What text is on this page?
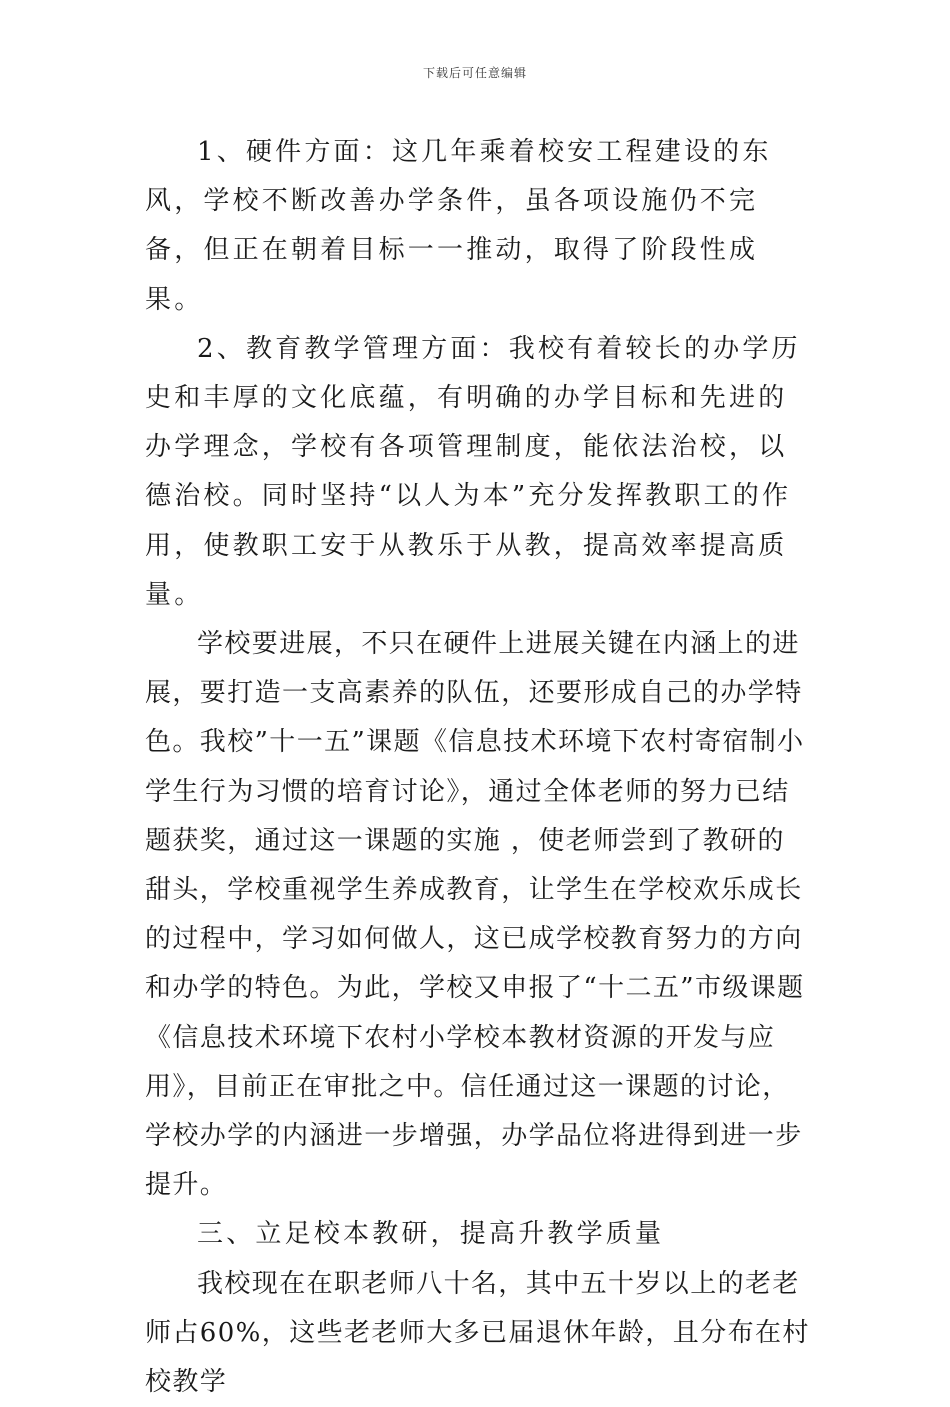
下载后可任意编辑

1、硬件方面：这几年乘着校安工程建设的东风，学校不断改善办学条件，虽各项设施仍不完备，但正在朝着目标一一推动，取得了阶段性成果。

2、教育教学管理方面：我校有着较长的办学历史和丰厚的文化底蕴，有明确的办学目标和先进的办学理念，学校有各项管理制度，能依法治校，以德治校。同时坚持“以人为本”充分发挥教职工的作用，使教职工安于从教乐于从教，提高效率提高质量。

学校要进展，不只在硬件上进展关键在内涵上的进展，要打造一支高素养的队伍，还要形成自己的办学特色。我校”十一五”课题《信息技术环境下农村寄宿制小学生行为习惯的培育讨论》，通过全体老师的努力已结题获奖，通过这一课题的实施 ，使老师尝到了教研的甜头，学校重视学生养成教育，让学生在学校欢乐成长的过程中，学习如何做人，这已成学校教育努力的方向和办学的特色。为此，学校又申报了“十二五”市级课题《信息技术环境下农村小学校本教材资源的开发与应用》，目前正在审批之中。信任通过这一课题的讨论，学校办学的内涵进一步增强，办学品位将进得到进一步提升。

三、立足校本教研，提高升教学质量

我校现在在职老师八十名，其中五十岁以上的老老师占60%，这些老老师大多已届退休年龄，且分布在村校教学
